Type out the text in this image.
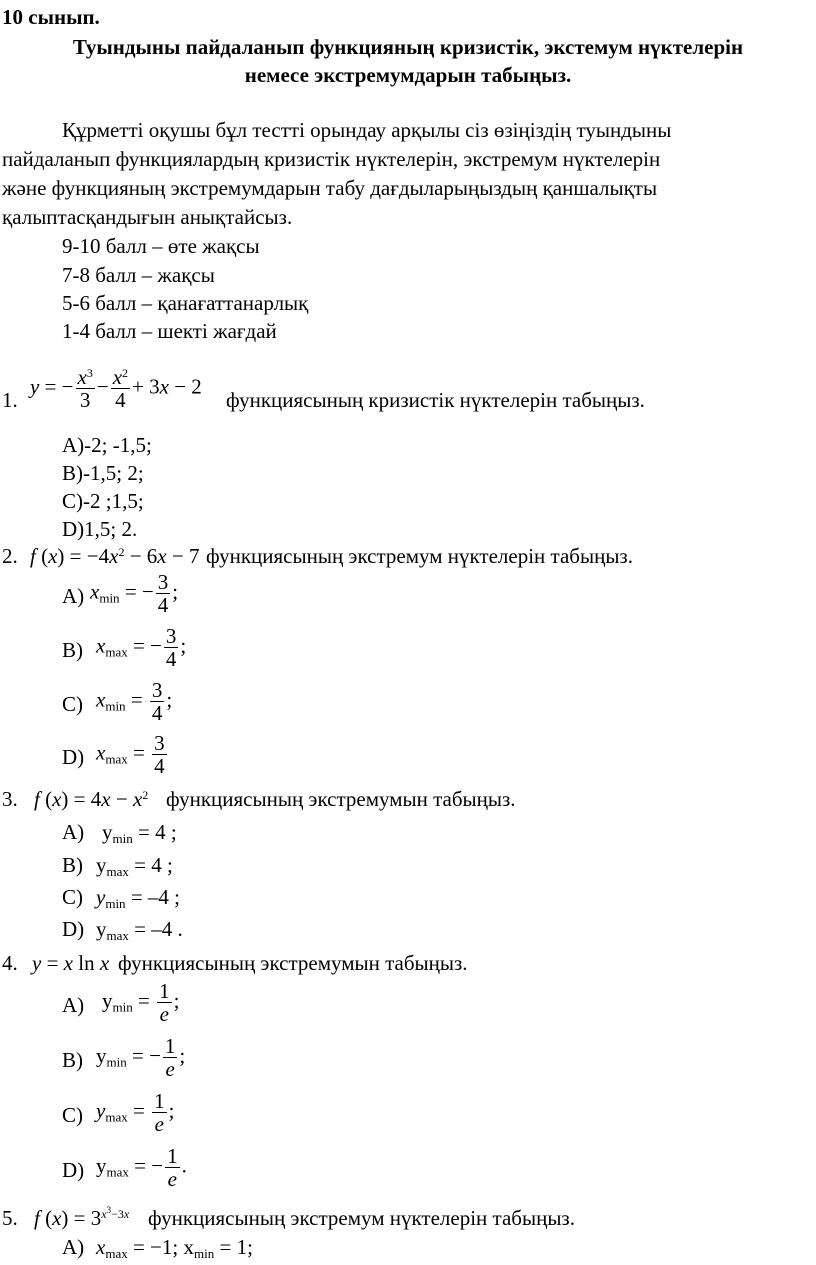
10 сынып.
Туындыны пайдаланып функцияның кризистік, экстемум нүктелерін
немесе экстремумдарын табыңыз.
Құрметті оқушы бұл тестті орындау арқылы сіз өзіңіздің туындыны
пайдаланып функциялардың кризистік нүктелерін, экстремум нүктелерін
және функцияның экстремумдарын табу дағдыларыңыздың қаншалықты
қалыптасқандығын анықтайсыз.
9-10 балл – өте жақсы
7-8 балл – жақсы
5-6 балл – қанағаттанарлық
1-4 балл – шекті жағдай
1.
y = − $\frac{x^3}{3} - \frac{x^2}{4} + 3x - 2$
функциясының кризистік нүктелерін табыңыз.
A)-2; -1,5;
B)-1,5; 2;
C)-2 ;1,5;
D)1,5; 2.
2. f $(x) = -4x^2 - 6x - 7$ функциясының экстремум нүктелерін табыңыз.
A) $x_{min}$ = − $\frac{3}{4}$ ;
B) $x_{max}$ = − $\frac{3}{4}$ ;
C) $x_{min} = \frac{3}{4}$ ;
D) $x_{max} = \frac{3}{4}$
3. f $(x) = 4x - x^2$ функциясының экстремумын табыңыз.
A) $y_{min} = 4$ ;
B) $y_{max} = 4$ ;
C) $y_{min} = -4$ ;
D) $y_{max} = -4$ .
4. y = x ln x функциясының экстремумын табыңыз.
A) $y_{min} = \frac{1}{e}$ ;
B) $y_{min}$ = − $\frac{1}{e}$ ;
C) $y_{max} = \frac{1}{e}$ ;
D) $y_{max}$ = − $\frac{1}{e}$ .
5. f $(x) = 3^{x^3-3x}$ функциясының экстремум нүктелерін табыңыз.
A) $x_{max} = -1$; $x_{min} = 1$;
